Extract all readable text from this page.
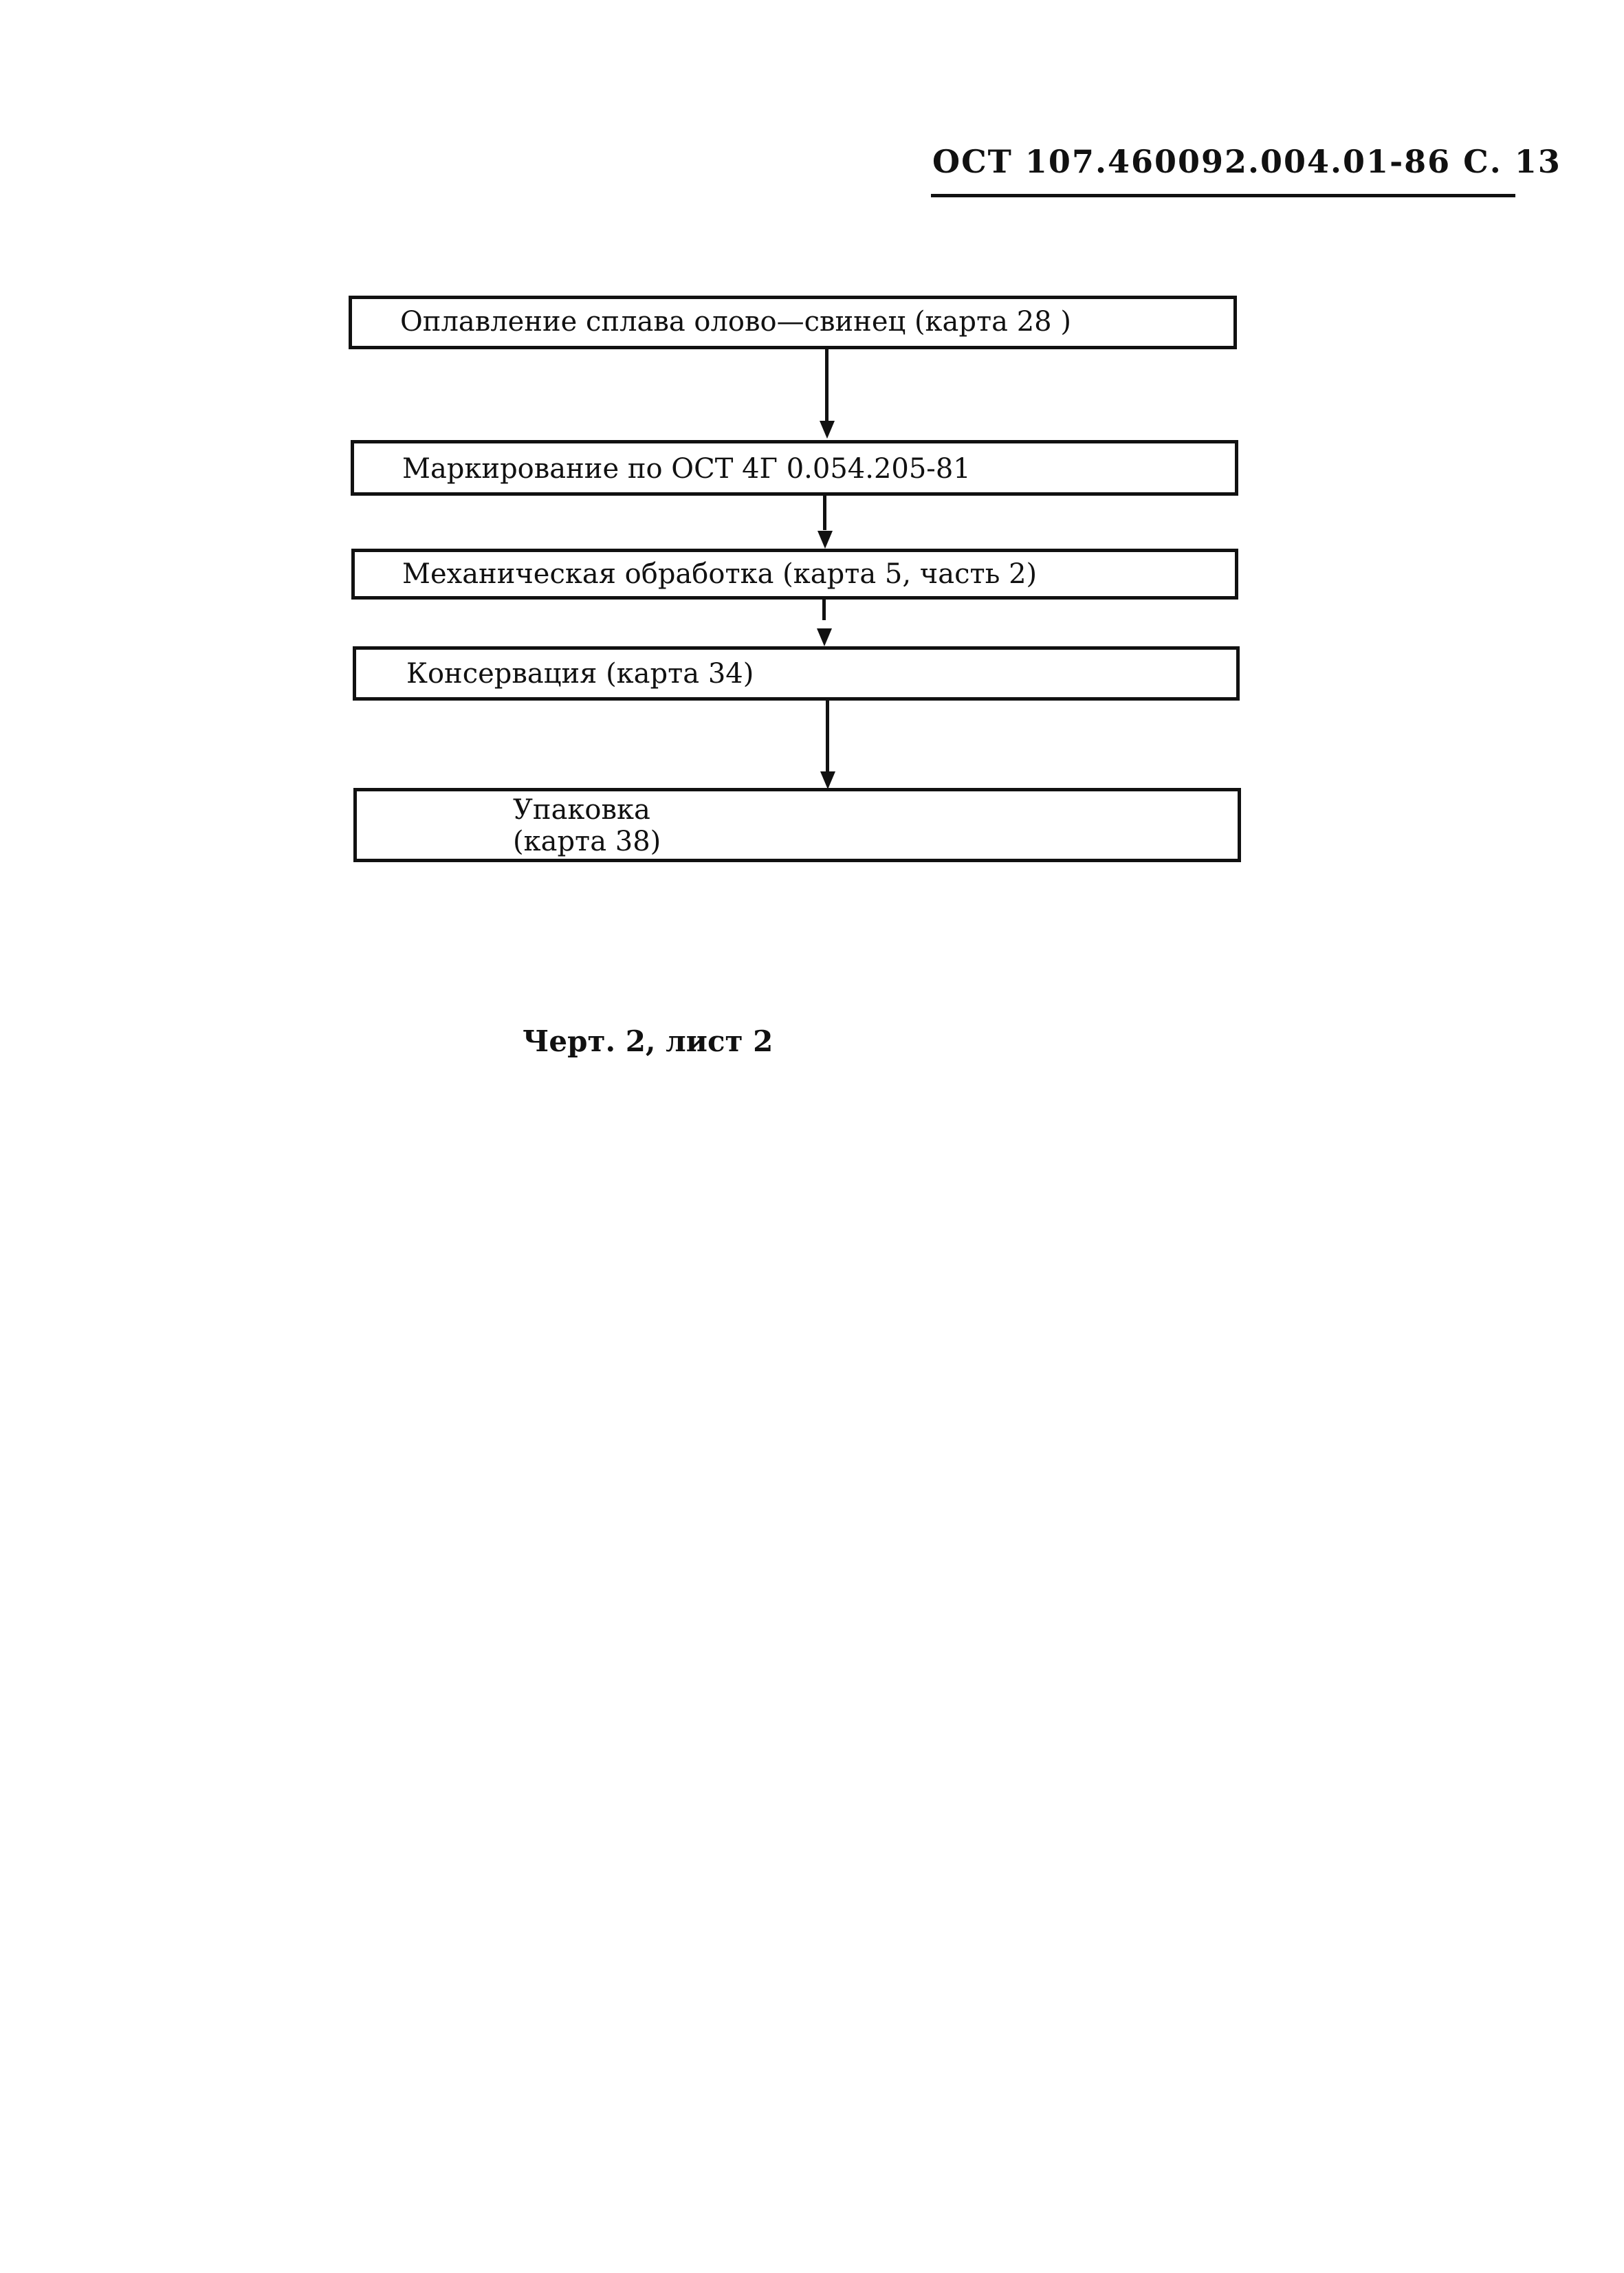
ОСТ 107.460092.004.01-86 С. 13
Оплавление сплава олово—свинец (карта 28 )
Маркирование по ОСТ 4Г 0.054.205-81
Механическая обработка (карта 5, часть 2)
Консервация (карта 34)
Упаковка
(карта 38)
Черт. 2, лист 2
